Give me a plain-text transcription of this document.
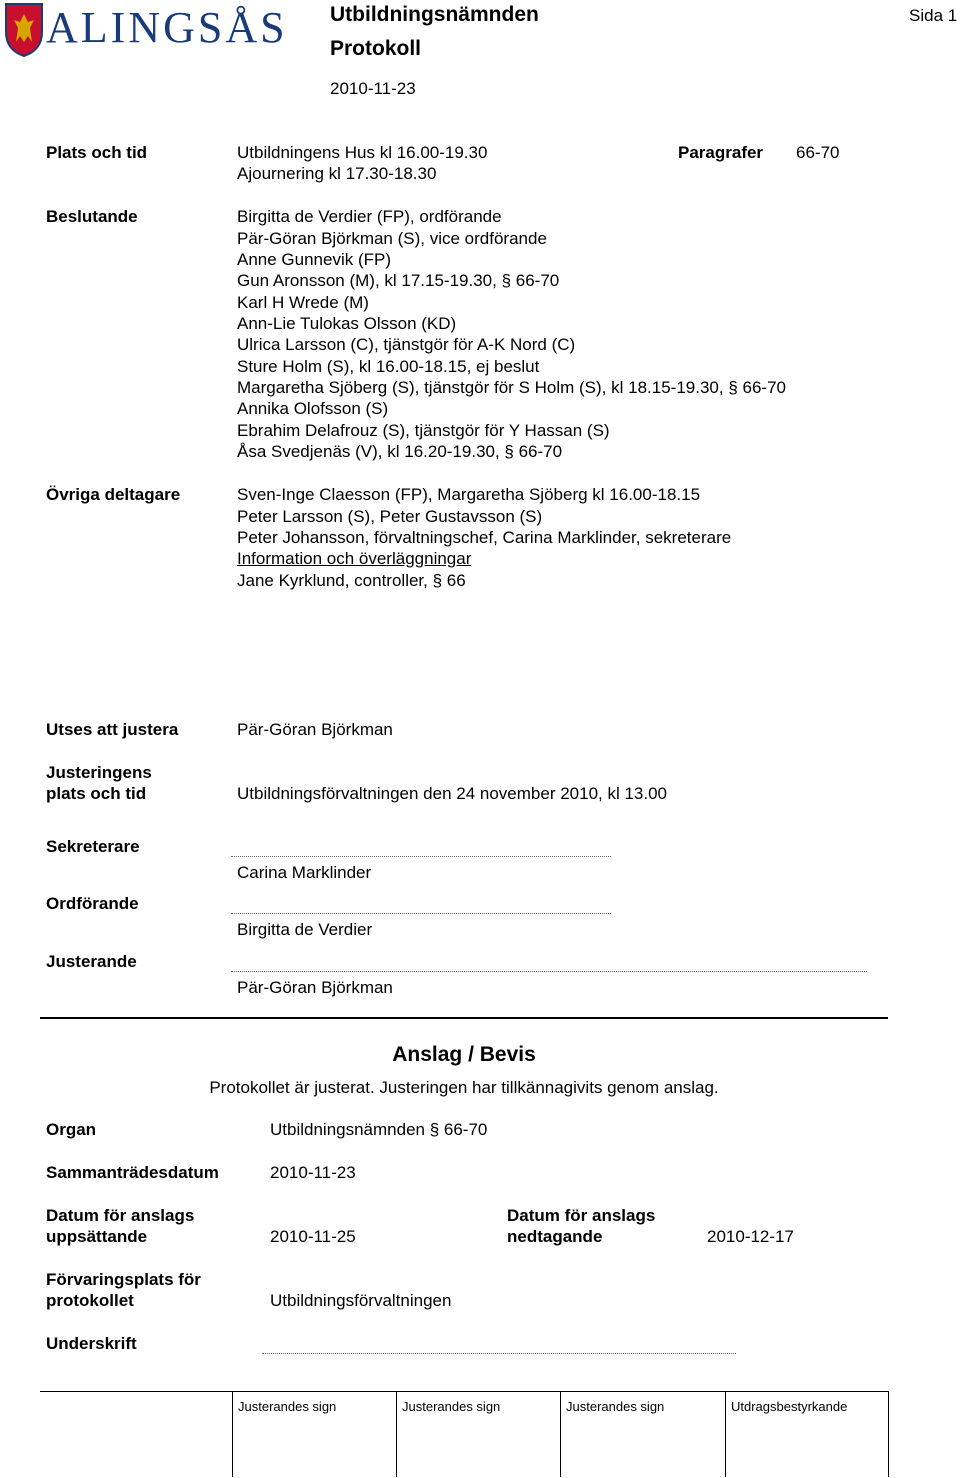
ALINGSÅS Utbildningsnämnden
Protokoll
2010-11-23
Sida 1
Plats och tid	Utbildningens Hus kl 16.00-19.30
Ajournering kl 17.30-18.30
Paragrafer 66-70
Beslutande	Birgitta de Verdier (FP), ordförande
Pär-Göran Björkman (S), vice ordförande
Anne Gunnevik (FP)
Gun Aronsson (M), kl 17.15-19.30, § 66-70
Karl H Wrede (M)
Ann-Lie Tulokas Olsson (KD)
Ulrica Larsson (C), tjänstgör för A-K Nord (C)
Sture Holm (S), kl 16.00-18.15, ej beslut
Margaretha Sjöberg (S), tjänstgör för S Holm (S), kl 18.15-19.30, § 66-70
Annika Olofsson (S)
Ebrahim Delafrouz (S), tjänstgör för Y Hassan (S)
Åsa Svedjenäs (V), kl 16.20-19.30, § 66-70
Övriga deltagare	Sven-Inge Claesson (FP), Margaretha Sjöberg kl 16.00-18.15
Peter Larsson (S), Peter Gustavsson (S)
Peter Johansson, förvaltningschef, Carina Marklinder, sekreterare
Information och överläggningar
Jane Kyrklund, controller, § 66
Utses att justera	Pär-Göran Björkman
Justeringens
plats och tid	Utbildningsförvaltningen den 24 november 2010, kl 13.00
Sekreterare
Carina Marklinder
Ordförande
Birgitta de Verdier
Justerande
Pär-Göran Björkman
Anslag / Bevis
Protokollet är justerat. Justeringen har tillkännagivits genom anslag.
Organ	Utbildningsnämnden § 66-70
Sammanträdesdatum	2010-11-23
Datum för anslags
uppsättande	2010-11-25
Datum för anslags
nedtagande	2010-12-17
Förvaringsplats för
protokollet	Utbildningsförvaltningen
Underskrift
Justerandes sign	Justerandes sign	Justerandes sign	Utdragsbestyrkande
